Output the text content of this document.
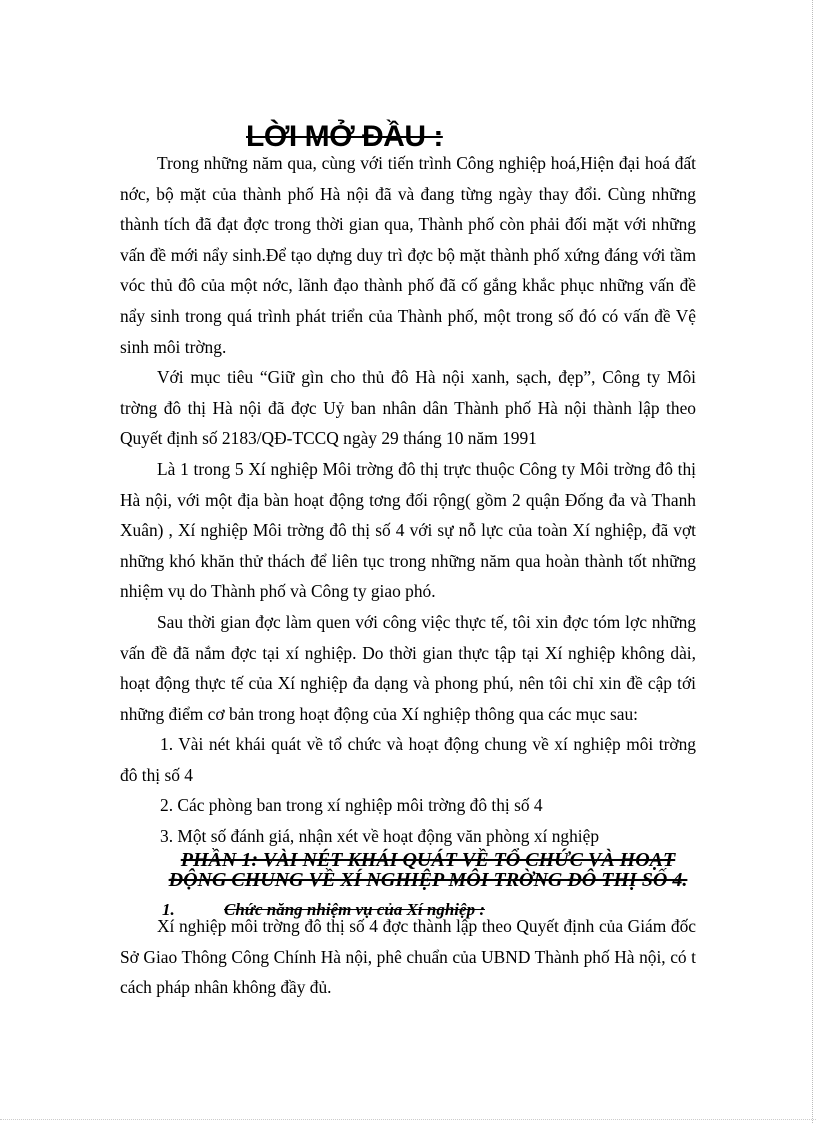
LỜI MỞ ĐẦU :

Trong những năm qua, cùng với tiến trình Công nghiệp hoá,Hiện đại hoá đất nớc, bộ mặt của thành phố Hà nội đã và đang từng ngày thay đổi. Cùng những thành tích đã đạt đợc trong thời gian qua, Thành phố còn phải đối mặt với những vấn đề mới nẩy sinh.Để tạo dựng duy trì đợc bộ mặt thành phố xứng đáng với tầm vóc thủ đô của một nớc, lãnh đạo thành phố đã cố gắng khắc phục những vấn đề nẩy sinh trong quá trình phát triển của Thành phố, một trong số đó có vấn đề Vệ sinh môi trờng.

Với mục tiêu “Giữ gìn cho thủ đô Hà nội xanh, sạch, đẹp”, Công ty Môi trờng đô thị Hà nội đã đợc Uỷ ban nhân dân Thành phố Hà nội thành lập theo Quyết định số 2183/QĐ-TCCQ ngày 29 tháng 10 năm 1991

Là 1 trong 5 Xí nghiệp Môi trờng đô thị trực thuộc Công ty Môi trờng đô thị Hà nội, với một địa bàn hoạt động tơng đối rộng( gồm 2 quận Đống đa và Thanh Xuân) , Xí nghiệp Môi trờng đô thị số 4 với sự nỗ lực của toàn Xí nghiệp, đã vợt những khó khăn thử thách để liên tục trong những năm qua hoàn thành tốt những nhiệm vụ do Thành phố và Công ty giao phó.

Sau thời gian đợc làm quen với công việc thực tế, tôi xin đợc tóm lợc những vấn đề đã nắm đợc tại xí nghiệp. Do thời gian thực tập tại Xí nghiệp không dài, hoạt động thực tế của Xí nghiệp đa dạng và phong phú, nên tôi chỉ xin đề cập tới những điểm cơ bản trong hoạt động của Xí nghiệp thông qua các mục sau:

1. Vài nét khái quát về tổ chức và hoạt động chung về xí nghiệp môi trờng đô thị số 4

2. Các phòng ban trong xí nghiệp môi trờng đô thị số 4

3. Một số đánh giá, nhận xét về hoạt động văn phòng xí nghiệp

PHẦN 1: VÀI NÉT KHÁI QUÁT VỀ TỔ CHỨC VÀ HOẠT
ĐỘNG CHUNG VỀ XÍ NGHIỆP MÔI TRỜNG ĐÔ THỊ SỐ 4.
1.	Chức năng nhiệm vụ của Xí nghiệp :

Xí nghiệp môi trờng đô thị số 4 đợc thành lập theo Quyết định của Giám đốc Sở Giao Thông Công Chính Hà nội, phê chuẩn của UBND Thành phố Hà nội, có t cách pháp nhân không đầy đủ.
